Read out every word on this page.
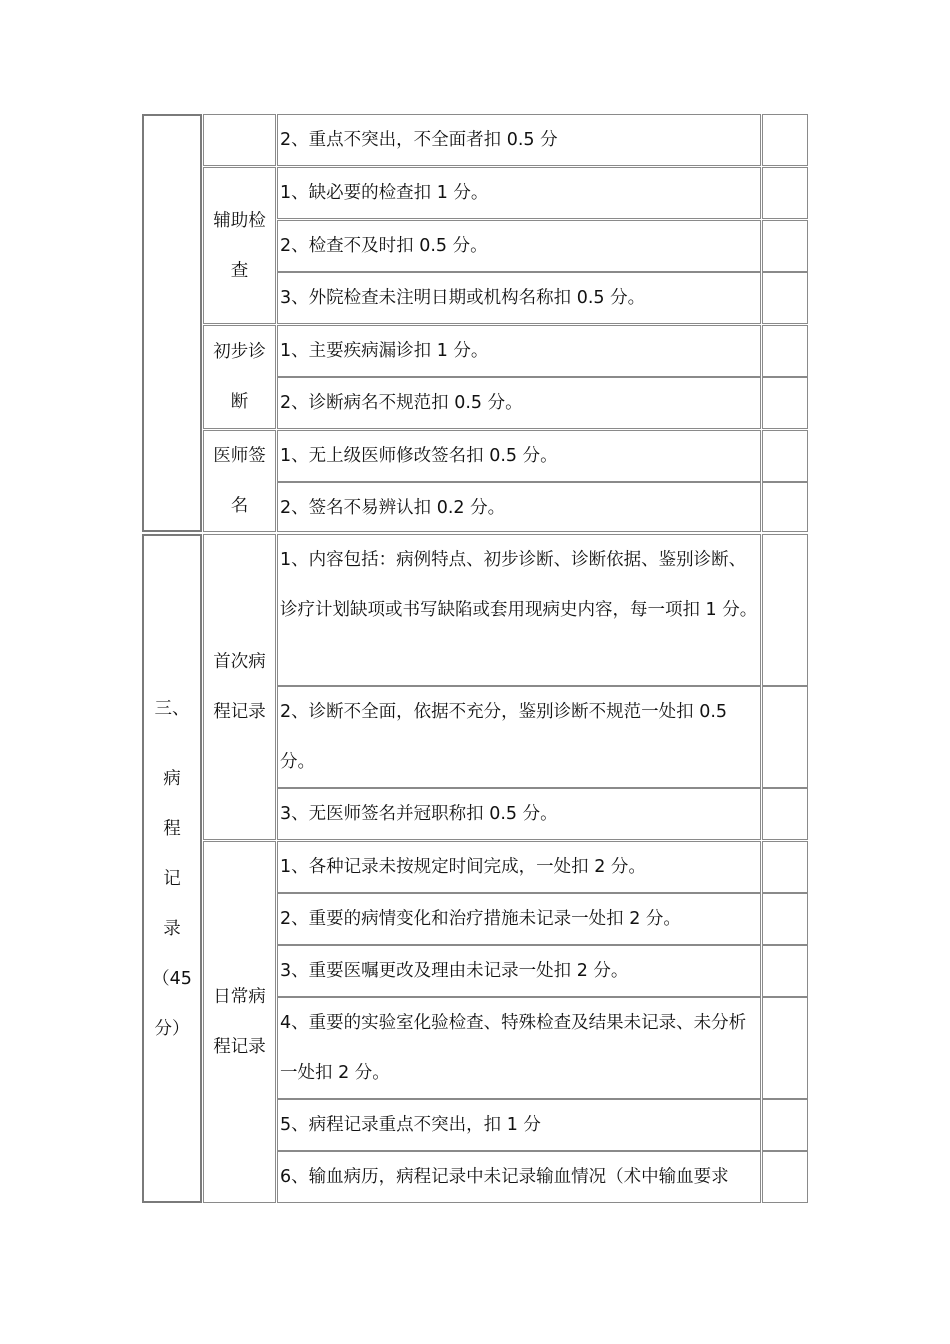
2、重点不突出，不全面者扣 0.5 分
辅助检
查
1、缺必要的检查扣 1 分。
2、检查不及时扣 0.5 分。
3、外院检查未注明日期或机构名称扣 0.5 分。
初步诊
断
1、主要疾病漏诊扣 1 分。
2、诊断病名不规范扣 0.5 分。
医师签
名
1、无上级医师修改签名扣 0.5 分。
2、签名不易辨认扣 0.2 分。
三、
病
程
记
录
（45
分）
首次病
程记录
1、内容包括：病例特点、初步诊断、诊断依据、鉴别诊断、诊疗计划缺项或书写缺陷或套用现病史内容，每一项扣 1 分。
2、诊断不全面，依据不充分，鉴别诊断不规范一处扣 0.5 分。
3、无医师签名并冠职称扣 0.5 分。
日常病
程记录
1、各种记录未按规定时间完成，一处扣 2 分。
2、重要的病情变化和治疗措施未记录一处扣 2 分。
3、重要医嘱更改及理由未记录一处扣 2 分。
4、重要的实验室化验检查、特殊检查及结果未记录、未分析一处扣 2 分。
5、病程记录重点不突出，扣 1 分
6、输血病历，病程记录中未记录输血情况（术中输血要求
